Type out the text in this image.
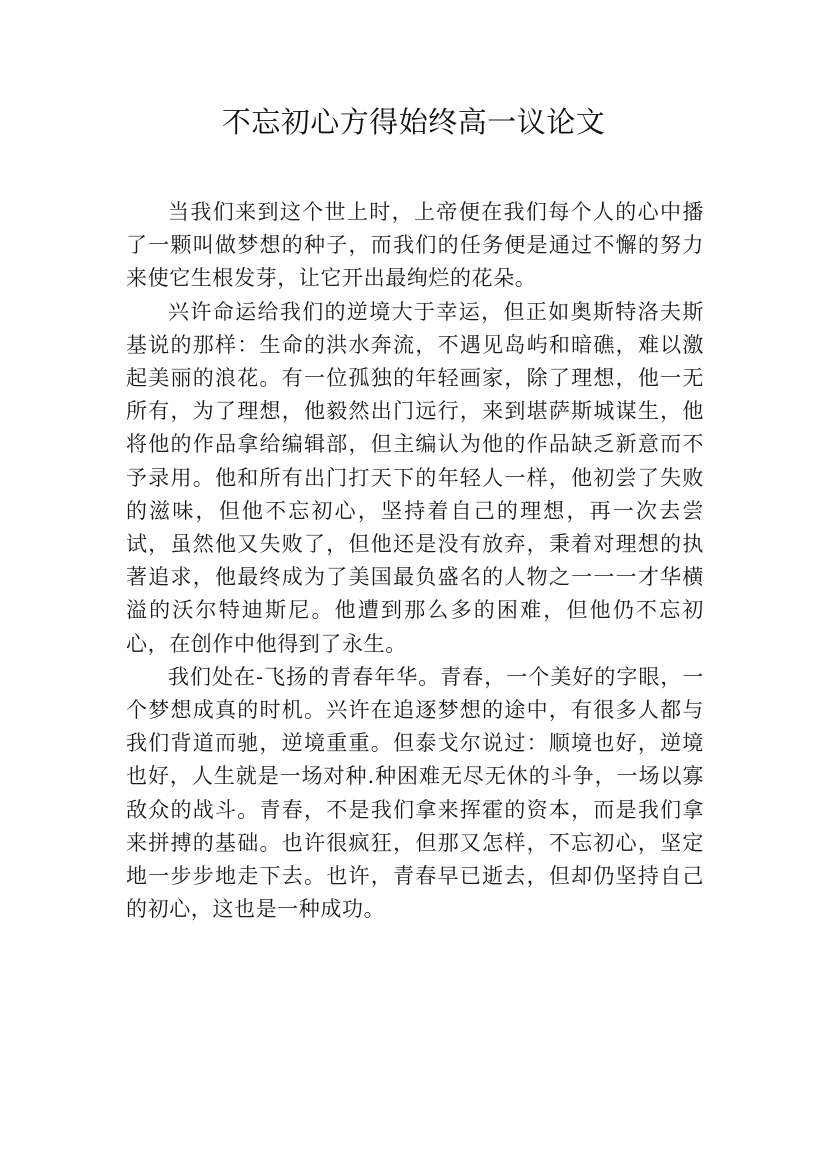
不忘初心方得始终高一议论文

当我们来到这个世上时，上帝便在我们每个人的心中播了一颗叫做梦想的种子，而我们的任务便是通过不懈的努力来使它生根发芽，让它开出最绚烂的花朵。

兴许命运给我们的逆境大于幸运，但正如奥斯特洛夫斯基说的那样：生命的洪水奔流，不遇见岛屿和暗礁，难以激起美丽的浪花。有一位孤独的年轻画家，除了理想，他一无所有，为了理想，他毅然出门远行，来到堪萨斯城谋生，他将他的作品拿给编辑部，但主编认为他的作品缺乏新意而不予录用。他和所有出门打天下的年轻人一样，他初尝了失败的滋味，但他不忘初心，坚持着自己的理想，再一次去尝试，虽然他又失败了，但他还是没有放弃，秉着对理想的执著追求，他最终成为了美国最负盛名的人物之一一一才华横溢的沃尔特迪斯尼。他遭到那么多的困难，但他仍不忘初心，在创作中他得到了永生。

我们处在-飞扬的青春年华。青春，一个美好的字眼，一个梦想成真的时机。兴许在追逐梦想的途中，有很多人都与我们背道而驰，逆境重重。但泰戈尔说过：顺境也好，逆境也好，人生就是一场对种.种困难无尽无休的斗争，一场以寡敌众的战斗。青春，不是我们拿来挥霍的资本，而是我们拿来拼搏的基础。也许很疯狂，但那又怎样，不忘初心，坚定地一步步地走下去。也许，青春早已逝去，但却仍坚持自己的初心，这也是一种成功。
